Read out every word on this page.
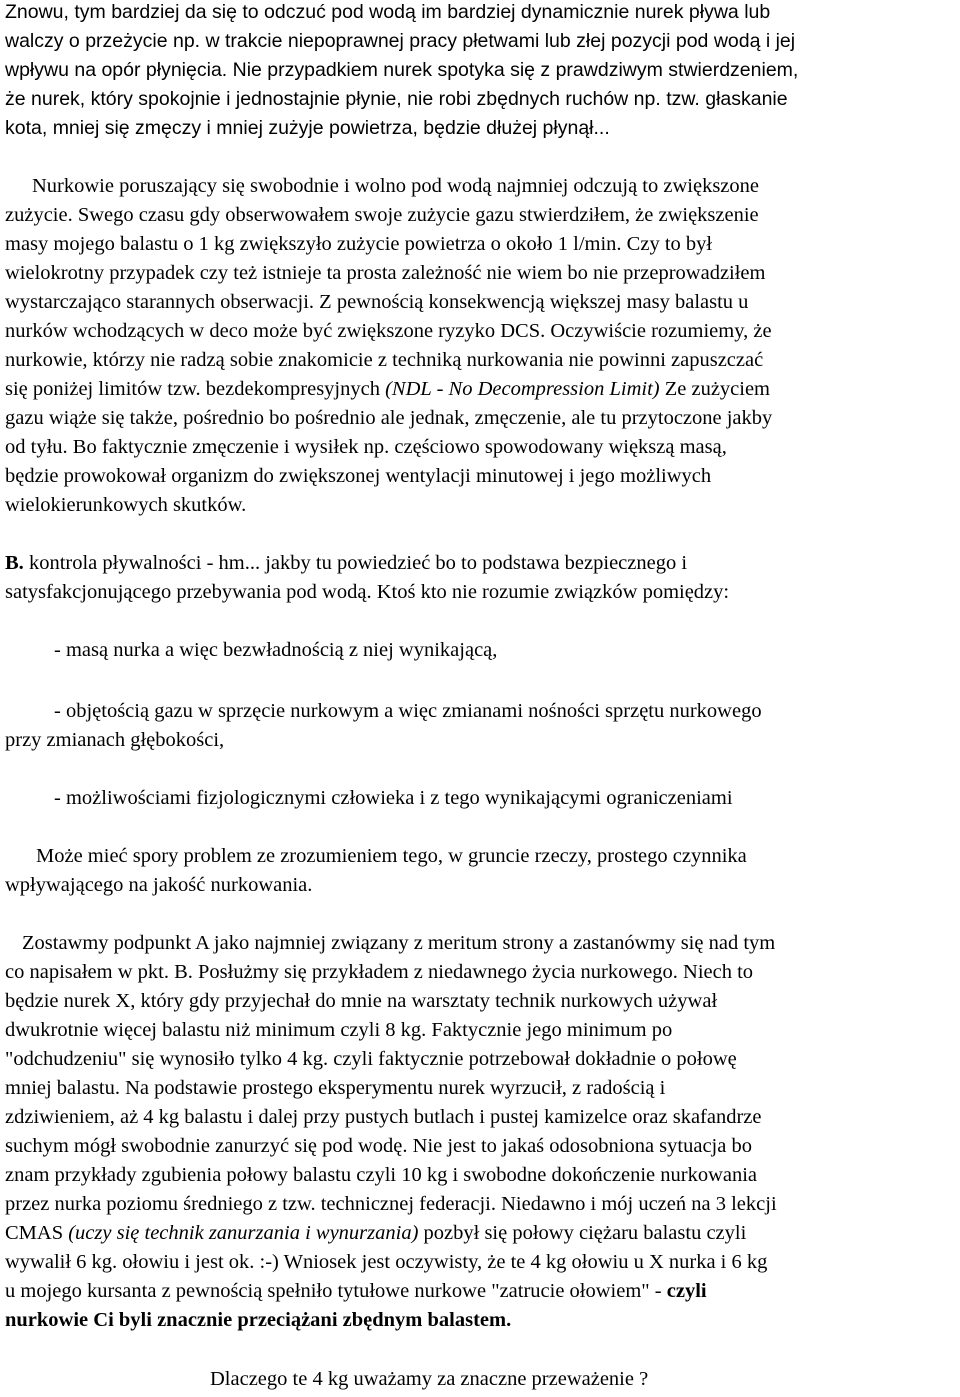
Znowu, tym bardziej da się to odczuć pod wodą im bardziej dynamicznie nurek pływa lub

walczy o przeżycie np. w trakcie niepoprawnej pracy płetwami lub złej pozycji pod wodą i jej

wpływu na opór płynięcia. Nie przypadkiem nurek spotyka się z prawdziwym stwierdzeniem,

że nurek, który spokojnie i jednostajnie płynie, nie robi zbędnych ruchów np. tzw. głaskanie

kota, mniej się zmęczy i mniej zużyje powietrza, będzie dłużej płynął...

Nurkowie poruszający się swobodnie i wolno pod wodą najmniej odczują to zwiększone

zużycie. Swego czasu gdy obserwowałem swoje zużycie gazu stwierdziłem, że zwiększenie

masy mojego balastu o 1 kg zwiększyło zużycie powietrza o około 1 l/min. Czy to był

wielokrotny przypadek czy też istnieje ta prosta zależność nie wiem bo nie przeprowadziłem

wystarczająco starannych obserwacji. Z pewnością konsekwencją większej masy balastu u

nurków wchodzących w deco może być zwiększone ryzyko DCS. Oczywiście rozumiemy, że

nurkowie, którzy nie radzą sobie znakomicie z techniką nurkowania nie powinni zapuszczać

się poniżej limitów tzw. bezdekompresyjnych (NDL - No Decompression Limit) Ze zużyciem

gazu wiąże się także, pośrednio bo pośrednio ale jednak, zmęczenie, ale tu przytoczone jakby

od tyłu. Bo faktycznie zmęczenie i wysiłek np. częściowo spowodowany większą masą,

będzie prowokował organizm do zwiększonej wentylacji minutowej i jego możliwych

wielokierunkowych skutków.

B. kontrola pływalności - hm... jakby tu powiedzieć bo to podstawa bezpiecznego i

satysfakcjonującego przebywania pod wodą. Ktoś kto nie rozumie związków pomiędzy:

- masą nurka a więc bezwładnością z niej wynikającą,

- objętością gazu w sprzęcie nurkowym a więc zmianami nośności sprzętu nurkowego

przy zmianach głębokości,

- możliwościami fizjologicznymi człowieka i z tego wynikającymi ograniczeniami

Może mieć spory problem ze zrozumieniem tego, w gruncie rzeczy, prostego czynnika

wpływającego na jakość nurkowania.

Zostawmy podpunkt A jako najmniej związany z meritum strony a zastanówmy się nad tym

co napisałem w pkt. B. Posłużmy się przykładem z niedawnego życia nurkowego. Niech to

będzie nurek X, który gdy przyjechał do mnie na warsztaty technik nurkowych używał

dwukrotnie więcej balastu niż minimum czyli 8 kg. Faktycznie jego minimum po

"odchudzeniu" się wynosiło tylko 4 kg. czyli faktycznie potrzebował dokładnie o połowę

mniej balastu. Na podstawie prostego eksperymentu nurek wyrzucił, z radością i

zdziwieniem, aż 4 kg balastu i dalej przy pustych butlach i pustej kamizelce oraz skafandrze

suchym mógł swobodnie zanurzyć się pod wodę. Nie jest to jakaś odosobniona sytuacja bo

znam przykłady zgubienia połowy balastu czyli 10 kg i swobodne dokończenie nurkowania

przez nurka poziomu średniego z tzw. technicznej federacji. Niedawno i mój uczeń na 3 lekcji

CMAS (uczy się technik zanurzania i wynurzania) pozbył się połowy ciężaru balastu czyli

wywalił 6 kg. ołowiu i jest ok. :-) Wniosek jest oczywisty, że te 4 kg ołowiu u X nurka i 6 kg

u mojego kursanta z pewnością spełniło tytułowe nurkowe "zatrucie ołowiem" - czyli

nurkowie Ci byli znacznie przeciążani zbędnym balastem.

Dlaczego te 4 kg uważamy za znaczne przeważenie ?
